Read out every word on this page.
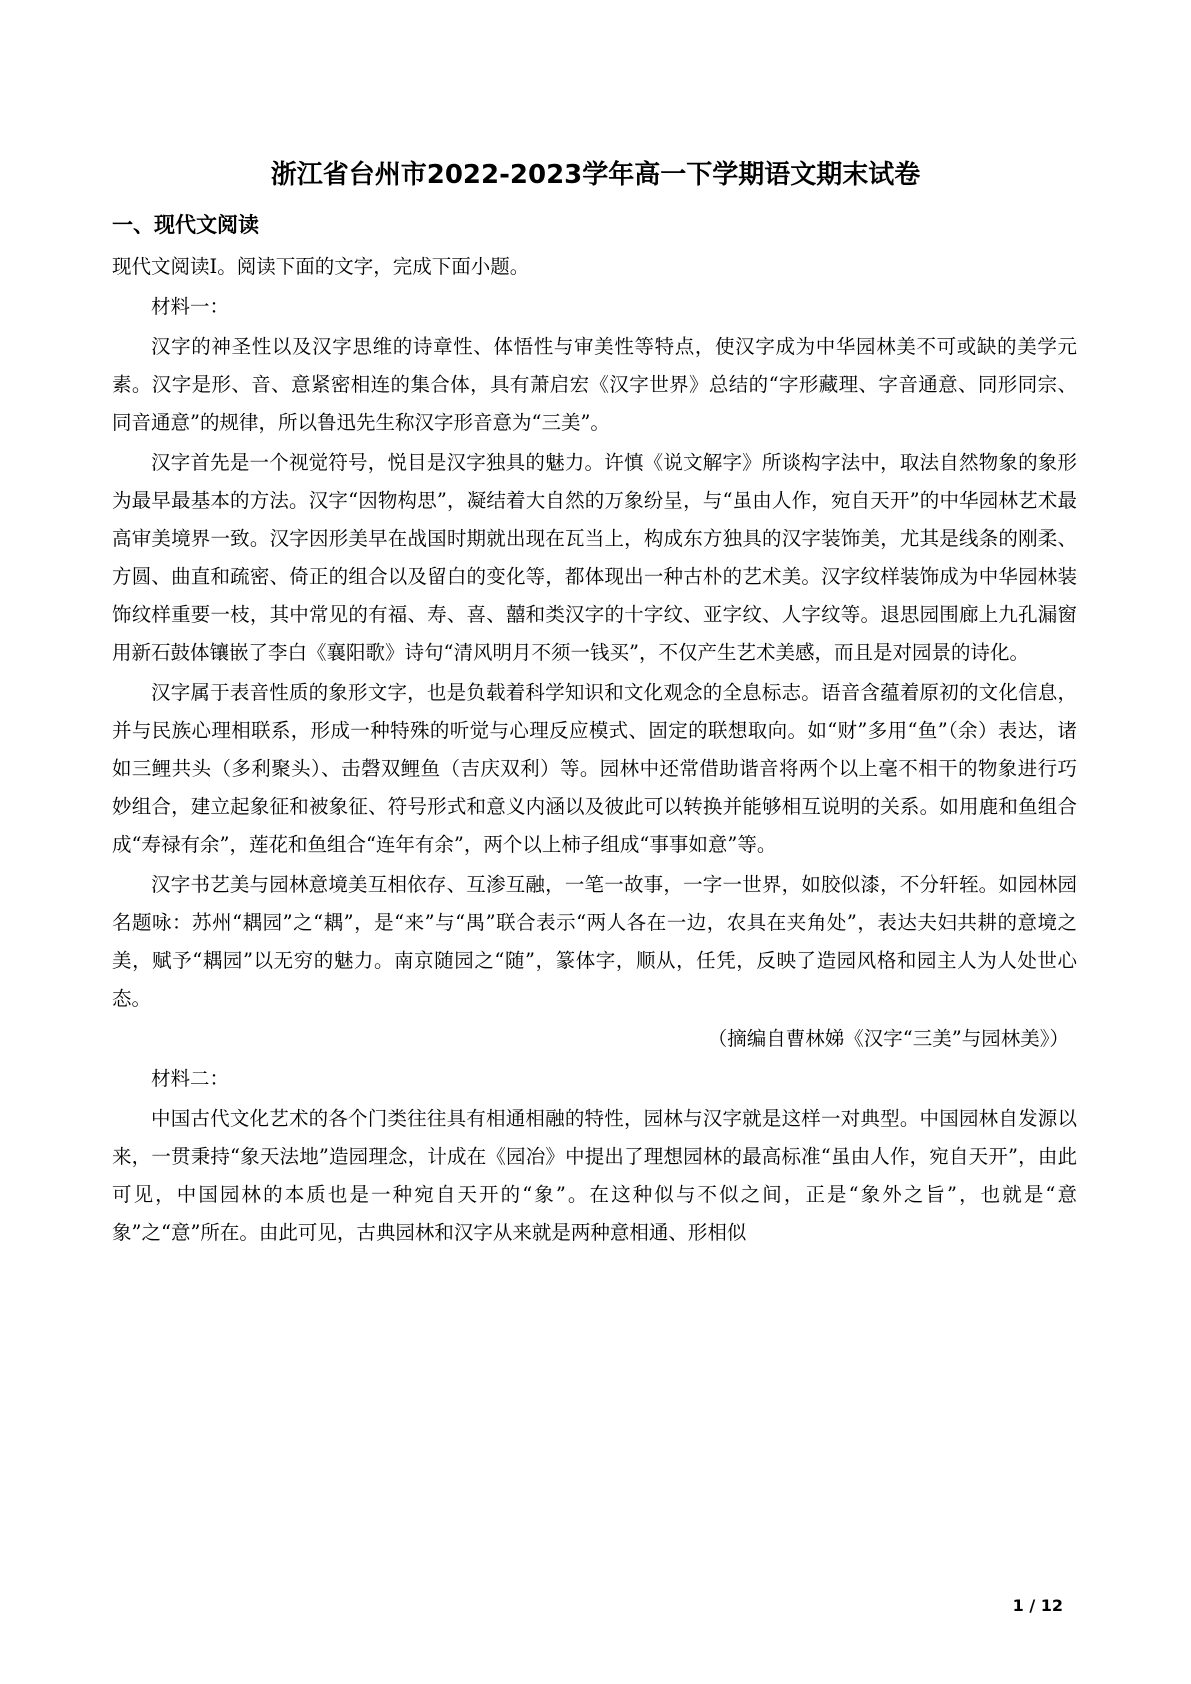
浙江省台州市2022-2023学年高一下学期语文期末试卷
一、现代文阅读

现代文阅读I。阅读下面的文字，完成下面小题。

材料一：

汉字的神圣性以及汉字思维的诗章性、体悟性与审美性等特点，使汉字成为中华园林美不可或缺的美学元素。汉字是形、音、意紧密相连的集合体，具有萧启宏《汉字世界》总结的“字形藏理、字音通意、同形同宗、同音通意”的规律，所以鲁迅先生称汉字形音意为“三美”。

汉字首先是一个视觉符号，悦目是汉字独具的魅力。许慎《说文解字》所谈构字法中，取法自然物象的象形为最早最基本的方法。汉字“因物构思”，凝结着大自然的万象纷呈，与“虽由人作，宛自天开”的中华园林艺术最高审美境界一致。汉字因形美早在战国时期就出现在瓦当上，构成东方独具的汉字装饰美，尤其是线条的刚柔、方圆、曲直和疏密、倚正的组合以及留白的变化等，都体现出一种古朴的艺术美。汉字纹样装饰成为中华园林装饰纹样重要一枝，其中常见的有福、寿、喜、囍和类汉字的十字纹、亚字纹、人字纹等。退思园围廊上九孔漏窗用新石鼓体镶嵌了李白《襄阳歌》诗句“清风明月不须一钱买”，不仅产生艺术美感，而且是对园景的诗化。

汉字属于表音性质的象形文字，也是负载着科学知识和文化观念的全息标志。语音含蕴着原初的文化信息，并与民族心理相联系，形成一种特殊的听觉与心理反应模式、固定的联想取向。如“财”多用“鱼”（余）表达，诸如三鲤共头（多利聚头）、击磬双鲤鱼（吉庆双利）等。园林中还常借助谐音将两个以上毫不相干的物象进行巧妙组合，建立起象征和被象征、符号形式和意义内涵以及彼此可以转换并能够相互说明的关系。如用鹿和鱼组合成“寿禄有余”，莲花和鱼组合“连年有余”，两个以上柿子组成“事事如意”等。

汉字书艺美与园林意境美互相依存、互渗互融，一笔一故事，一字一世界，如胶似漆，不分轩轾。如园林园名题咏：苏州“耦园”之“耦”，是“来”与“禺”联合表示“两人各在一边，农具在夹角处”，表达夫妇共耕的意境之美，赋予“耦园”以无穷的魅力。南京随园之“随”，篆体字，顺从，任凭，反映了造园风格和园主人为人处世心态。

（摘编自曹林娣《汉字“三美”与园林美》）

材料二：

中国古代文化艺术的各个门类往往具有相通相融的特性，园林与汉字就是这样一对典型。中国园林自发源以来，一贯秉持“象天法地”造园理念，计成在《园冶》中提出了理想园林的最高标准“虽由人作，宛自天开”，由此可见，中国园林的本质也是一种宛自天开的“象”。在这种似与不似之间，正是“象外之旨”，也就是“意象”之“意”所在。由此可见，古典园林和汉字从来就是两种意相通、形相似

1 / 12
